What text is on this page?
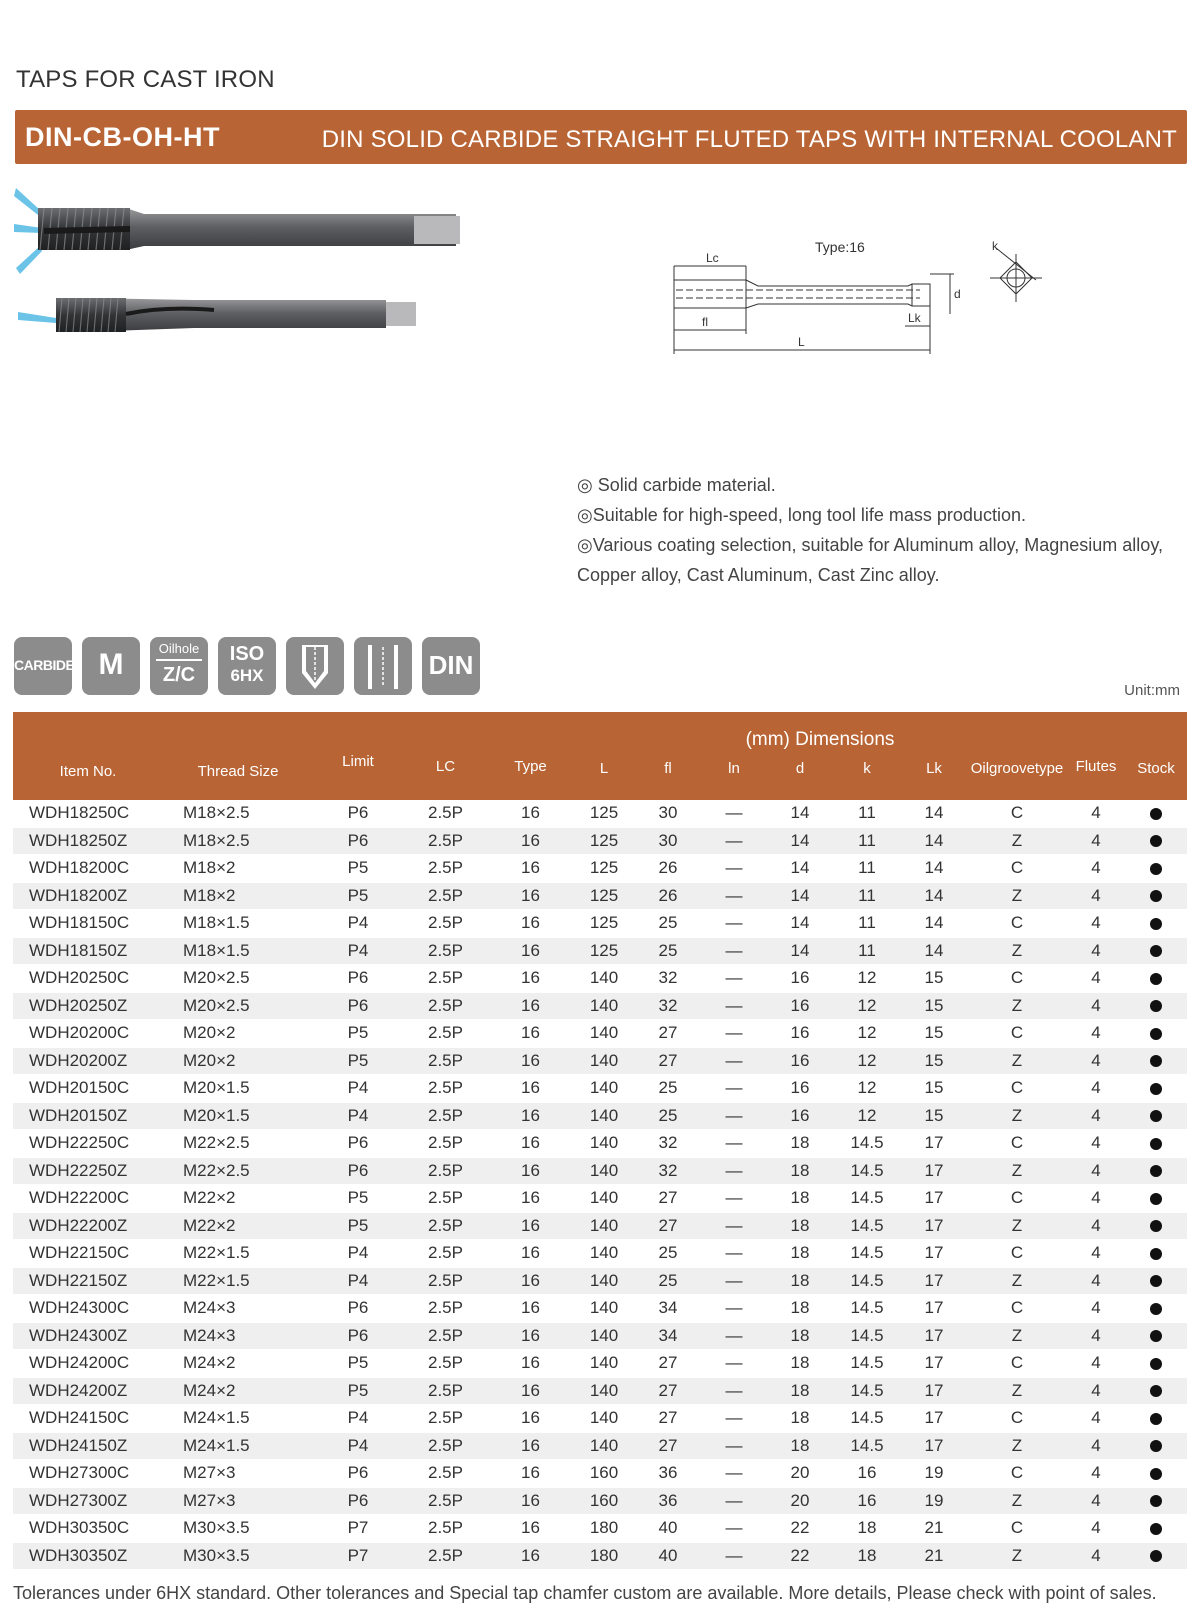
TAPS FOR CAST IRON
DIN-CB-OH-HT	DIN SOLID CARBIDE STRAIGHT FLUTED TAPS WITH INTERNAL COOLANT
Type:16
Lc
fl
L
Lk
d
k
◎ Solid carbide material.
◎Suitable for high-speed, long tool life mass production.
◎Various coating selection, suitable for Aluminum alloy, Magnesium alloy,
Copper alloy, Cast Aluminum, Cast Zinc alloy.
CARBIDE M	Oilhole
Z/C
ISO
6HX	DIN
Unit:mm
Item No.	Thread Size	Limit	LC	Type	(mm) Dimensions							Flutes	Stock
					L	fl	ln	d	k	Lk	Oilgroovetype		
WDH18250C	M18×2.5	P6	2.5P	16	125	30	—	14	11	14	C	4	
WDH18250Z	M18×2.5	P6	2.5P	16	125	30	—	14	11	14	Z	4	
WDH18200C	M18×2	P5	2.5P	16	125	26	—	14	11	14	C	4	
WDH18200Z	M18×2	P5	2.5P	16	125	26	—	14	11	14	Z	4	
WDH18150C	M18×1.5	P4	2.5P	16	125	25	—	14	11	14	C	4	
WDH18150Z	M18×1.5	P4	2.5P	16	125	25	—	14	11	14	Z	4	
WDH20250C	M20×2.5	P6	2.5P	16	140	32	—	16	12	15	C	4	
WDH20250Z	M20×2.5	P6	2.5P	16	140	32	—	16	12	15	Z	4	
WDH20200C	M20×2	P5	2.5P	16	140	27	—	16	12	15	C	4	
WDH20200Z	M20×2	P5	2.5P	16	140	27	—	16	12	15	Z	4	
WDH20150C	M20×1.5	P4	2.5P	16	140	25	—	16	12	15	C	4	
WDH20150Z	M20×1.5	P4	2.5P	16	140	25	—	16	12	15	Z	4	
WDH22250C	M22×2.5	P6	2.5P	16	140	32	—	18	14.5	17	C	4	
WDH22250Z	M22×2.5	P6	2.5P	16	140	32	—	18	14.5	17	Z	4	
WDH22200C	M22×2	P5	2.5P	16	140	27	—	18	14.5	17	C	4	
WDH22200Z	M22×2	P5	2.5P	16	140	27	—	18	14.5	17	Z	4	
WDH22150C	M22×1.5	P4	2.5P	16	140	25	—	18	14.5	17	C	4	
WDH22150Z	M22×1.5	P4	2.5P	16	140	25	—	18	14.5	17	Z	4	
WDH24300C	M24×3	P6	2.5P	16	140	34	—	18	14.5	17	C	4	
WDH24300Z	M24×3	P6	2.5P	16	140	34	—	18	14.5	17	Z	4	
WDH24200C	M24×2	P5	2.5P	16	140	27	—	18	14.5	17	C	4	
WDH24200Z	M24×2	P5	2.5P	16	140	27	—	18	14.5	17	Z	4	
WDH24150C	M24×1.5	P4	2.5P	16	140	27	—	18	14.5	17	C	4	
WDH24150Z	M24×1.5	P4	2.5P	16	140	27	—	18	14.5	17	Z	4	
WDH27300C	M27×3	P6	2.5P	16	160	36	—	20	16	19	C	4	
WDH27300Z	M27×3	P6	2.5P	16	160	36	—	20	16	19	Z	4	
WDH30350C	M30×3.5	P7	2.5P	16	180	40	—	22	18	21	C	4	
WDH30350Z	M30×3.5	P7	2.5P	16	180	40	—	22	18	21	Z	4	
Tolerances under 6HX standard. Other tolerances and Special tap chamfer custom are available. More details, Please check with point of sales.
